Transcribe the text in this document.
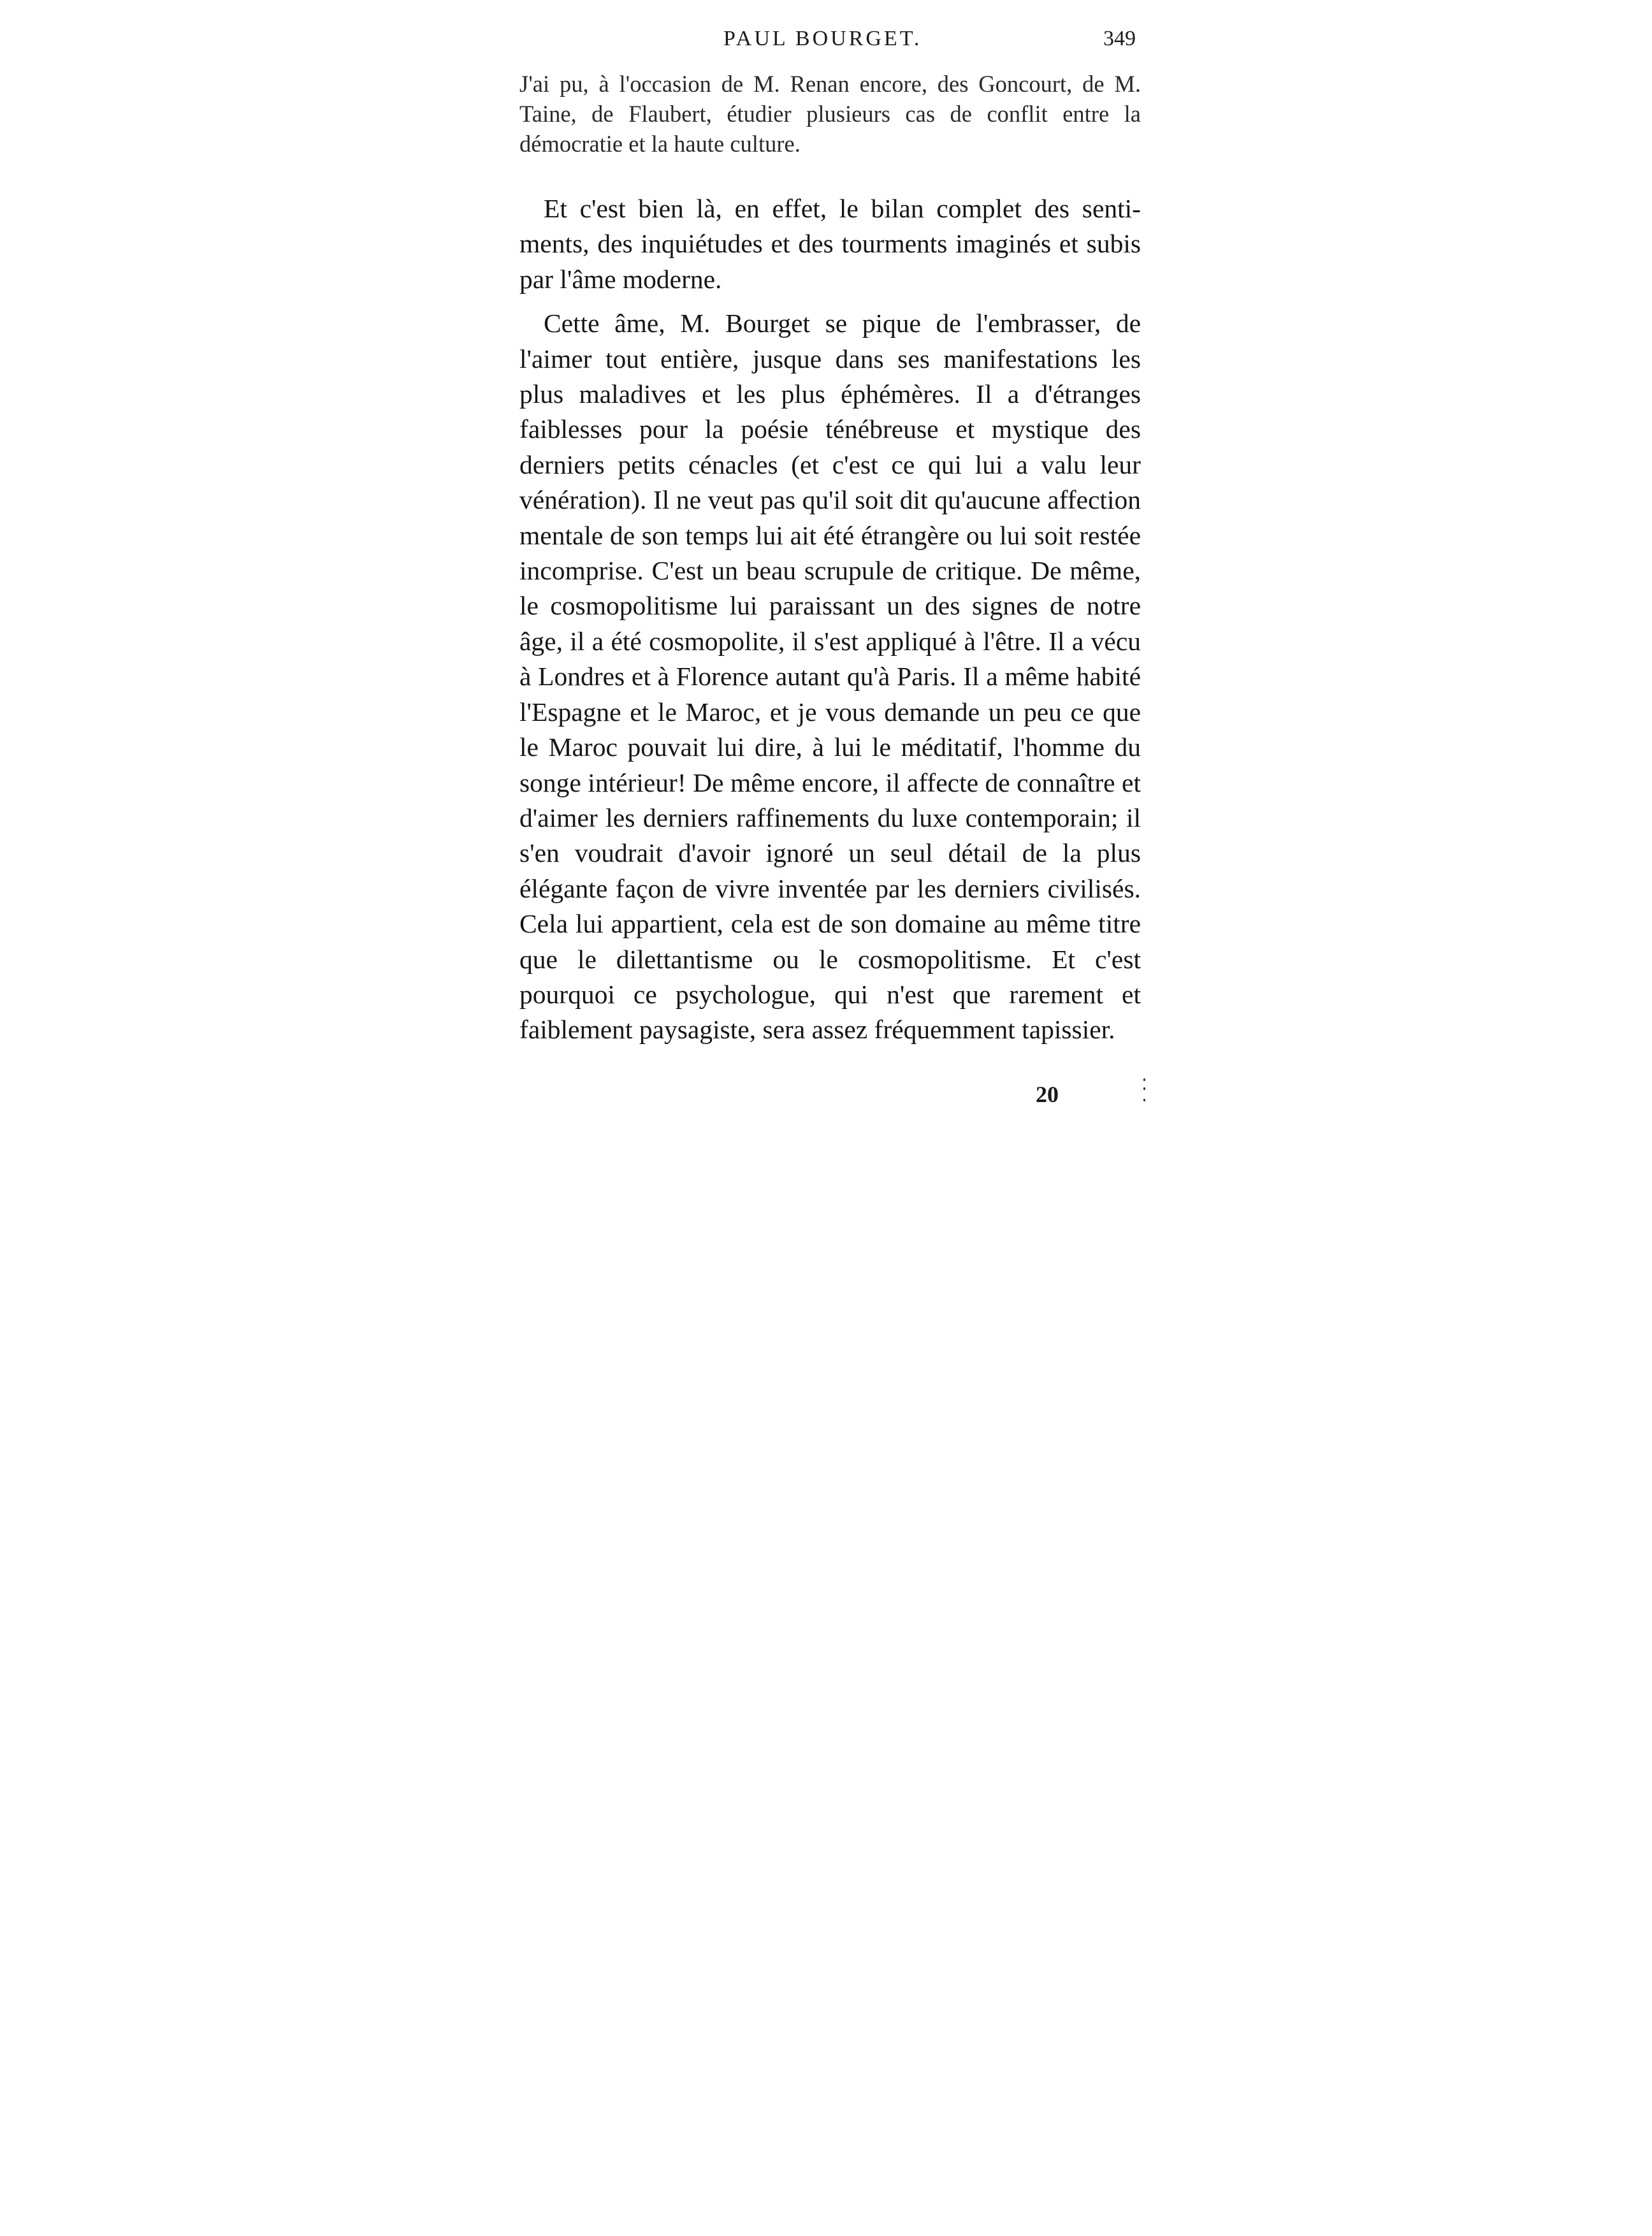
PAUL BOURGET.	349

J'ai pu, à l'occasion de M. Renan encore, des Goncourt, de M. Taine, de Flaubert, étudier plusieurs cas de conflit entre la démocratie et la haute culture.

Et c'est bien là, en effet, le bilan complet des sentiments, des inquiétudes et des tourments imaginés et subis par l'âme moderne.

Cette âme, M. Bourget se pique de l'embrasser, de l'aimer tout entière, jusque dans ses manifestations les plus maladives et les plus éphémères. Il a d'étranges faiblesses pour la poésie ténébreuse et mystique des derniers petits cénacles (et c'est ce qui lui a valu leur vénération). Il ne veut pas qu'il soit dit qu'aucune affection mentale de son temps lui ait été étrangère ou lui soit restée incomprise. C'est un beau scrupule de critique. De même, le cosmopolitisme lui paraissant un des signes de notre âge, il a été cosmopolite, il s'est appliqué à l'être. Il a vécu à Londres et à Florence autant qu'à Paris. Il a même habité l'Espagne et le Maroc, et je vous demande un peu ce que le Maroc pouvait lui dire, à lui le méditatif, l'homme du songe intérieur! De même encore, il affecte de connaître et d'aimer les derniers raffinements du luxe contemporain; il s'en voudrait d'avoir ignoré un seul détail de la plus élégante façon de vivre inventée par les derniers civilisés. Cela lui appartient, cela est de son domaine au même titre que le dilettantisme ou le cosmopolitisme. Et c'est pourquoi ce psychologue, qui n'est que rarement et faiblement paysagiste, sera assez fréquemment tapissier.

20
